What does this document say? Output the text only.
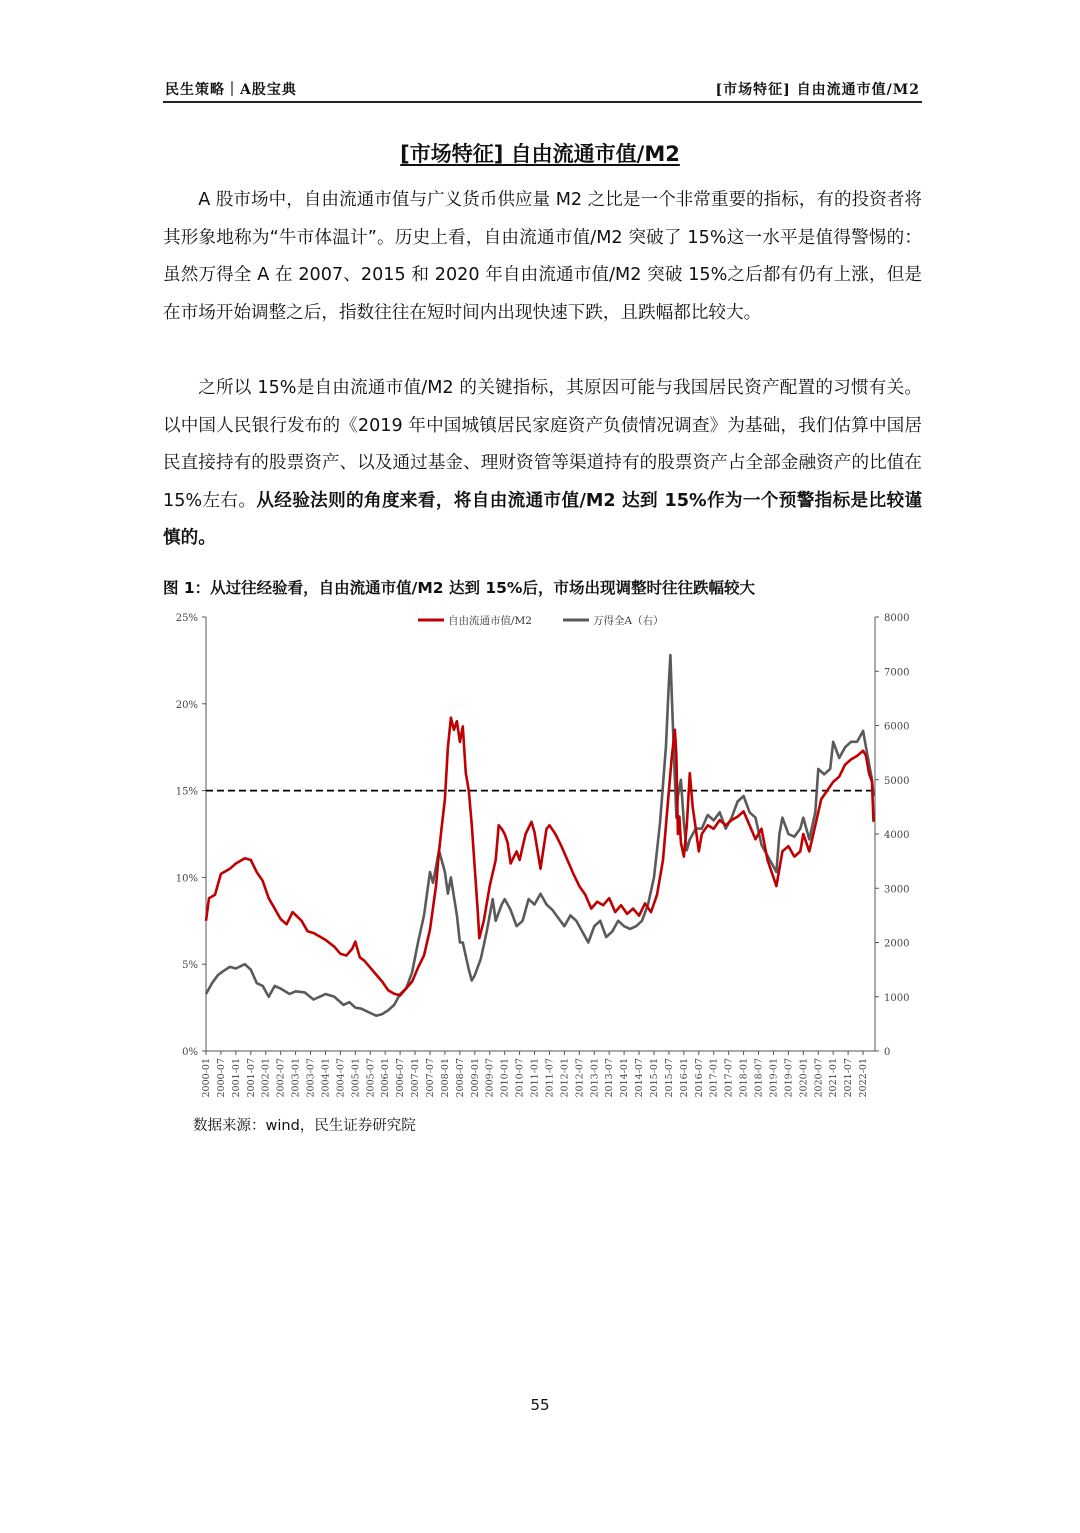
民生策略｜A股宝典	[市场特征] 自由流通市值/M2
[市场特征] 自由流通市值/M2

A 股市场中，自由流通市值与广义货币供应量 M2 之比是一个非常重要的指标，有的投资者将其形象地称为“牛市体温计”。历史上看，自由流通市值/M2 突破了 15%这一水平是值得警惕的：虽然万得全 A 在 2007、2015 和 2020 年自由流通市值/M2 突破 15%之后都有仍有上涨，但是在市场开始调整之后，指数往往在短时间内出现快速下跌，且跌幅都比较大。

之所以 15%是自由流通市值/M2 的关键指标，其原因可能与我国居民资产配置的习惯有关。以中国人民银行发布的《2019 年中国城镇居民家庭资产负债情况调查》为基础，我们估算中国居民直接持有的股票资产、以及通过基金、理财资管等渠道持有的股票资产占全部金融资产的比值在 15%左右。从经验法则的角度来看，将自由流通市值/M2 达到 15%作为一个预警指标是比较谨慎的。

图 1：从过往经验看，自由流通市值/M2 达到 15%后，市场出现调整时往往跌幅较大
0%
5%
10%
15%
20%
25%
0
1000
2000
3000
4000
5000
6000
7000
8000
2000-01 2000-07 2001-01 2001-07 2002-01 2002-07 2003-01 2003-07 2004-01 2004-07 2005-01 2005-07 2006-01 2006-07 2007-01 2007-07 2008-01 2008-07 2009-01 2009-07 2010-01 2010-07 2011-01 2011-07 2012-01 2012-07 2013-01 2013-07 2014-01 2014-07 2015-01 2015-07 2016-01 2016-07 2017-01 2017-07 2018-01 2018-07 2019-01 2019-07 2020-01 2020-07 2021-01 2021-07 2022-01
自由流通市值/M2	万得全A（右）
数据来源：wind，民生证券研究院
55
